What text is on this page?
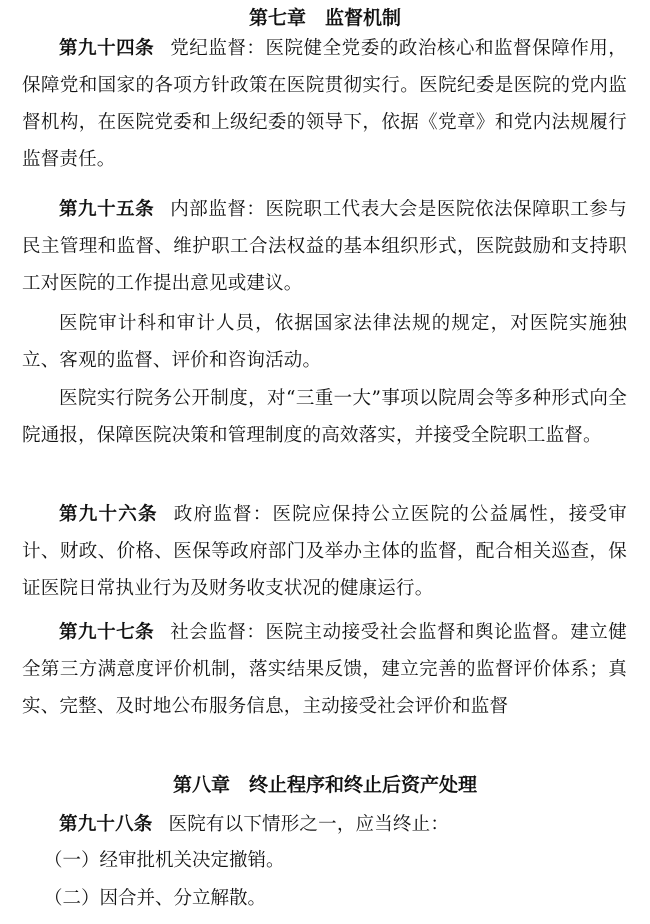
第七章　监督机制

第九十四条 党纪监督：医院健全党委的政治核心和监督保障作用，保障党和国家的各项方针政策在医院贯彻实行。医院纪委是医院的党内监督机构，在医院党委和上级纪委的领导下，依据《党章》和党内法规履行监督责任。

第九十五条 内部监督：医院职工代表大会是医院依法保障职工参与民主管理和监督、维护职工合法权益的基本组织形式，医院鼓励和支持职工对医院的工作提出意见或建议。

医院审计科和审计人员，依据国家法律法规的规定，对医院实施独立、客观的监督、评价和咨询活动。

医院实行院务公开制度，对“三重一大”事项以院周会等多种形式向全院通报，保障医院决策和管理制度的高效落实，并接受全院职工监督。

第九十六条 政府监督：医院应保持公立医院的公益属性，接受审计、财政、价格、医保等政府部门及举办主体的监督，配合相关巡查，保证医院日常执业行为及财务收支状况的健康运行。

第九十七条 社会监督：医院主动接受社会监督和舆论监督。建立健全第三方满意度评价机制，落实结果反馈，建立完善的监督评价体系；真实、完整、及时地公布服务信息，主动接受社会评价和监督

第八章　终止程序和终止后资产处理

第九十八条 医院有以下情形之一，应当终止：

（一）经审批机关决定撤销。
（二）因合并、分立解散。
